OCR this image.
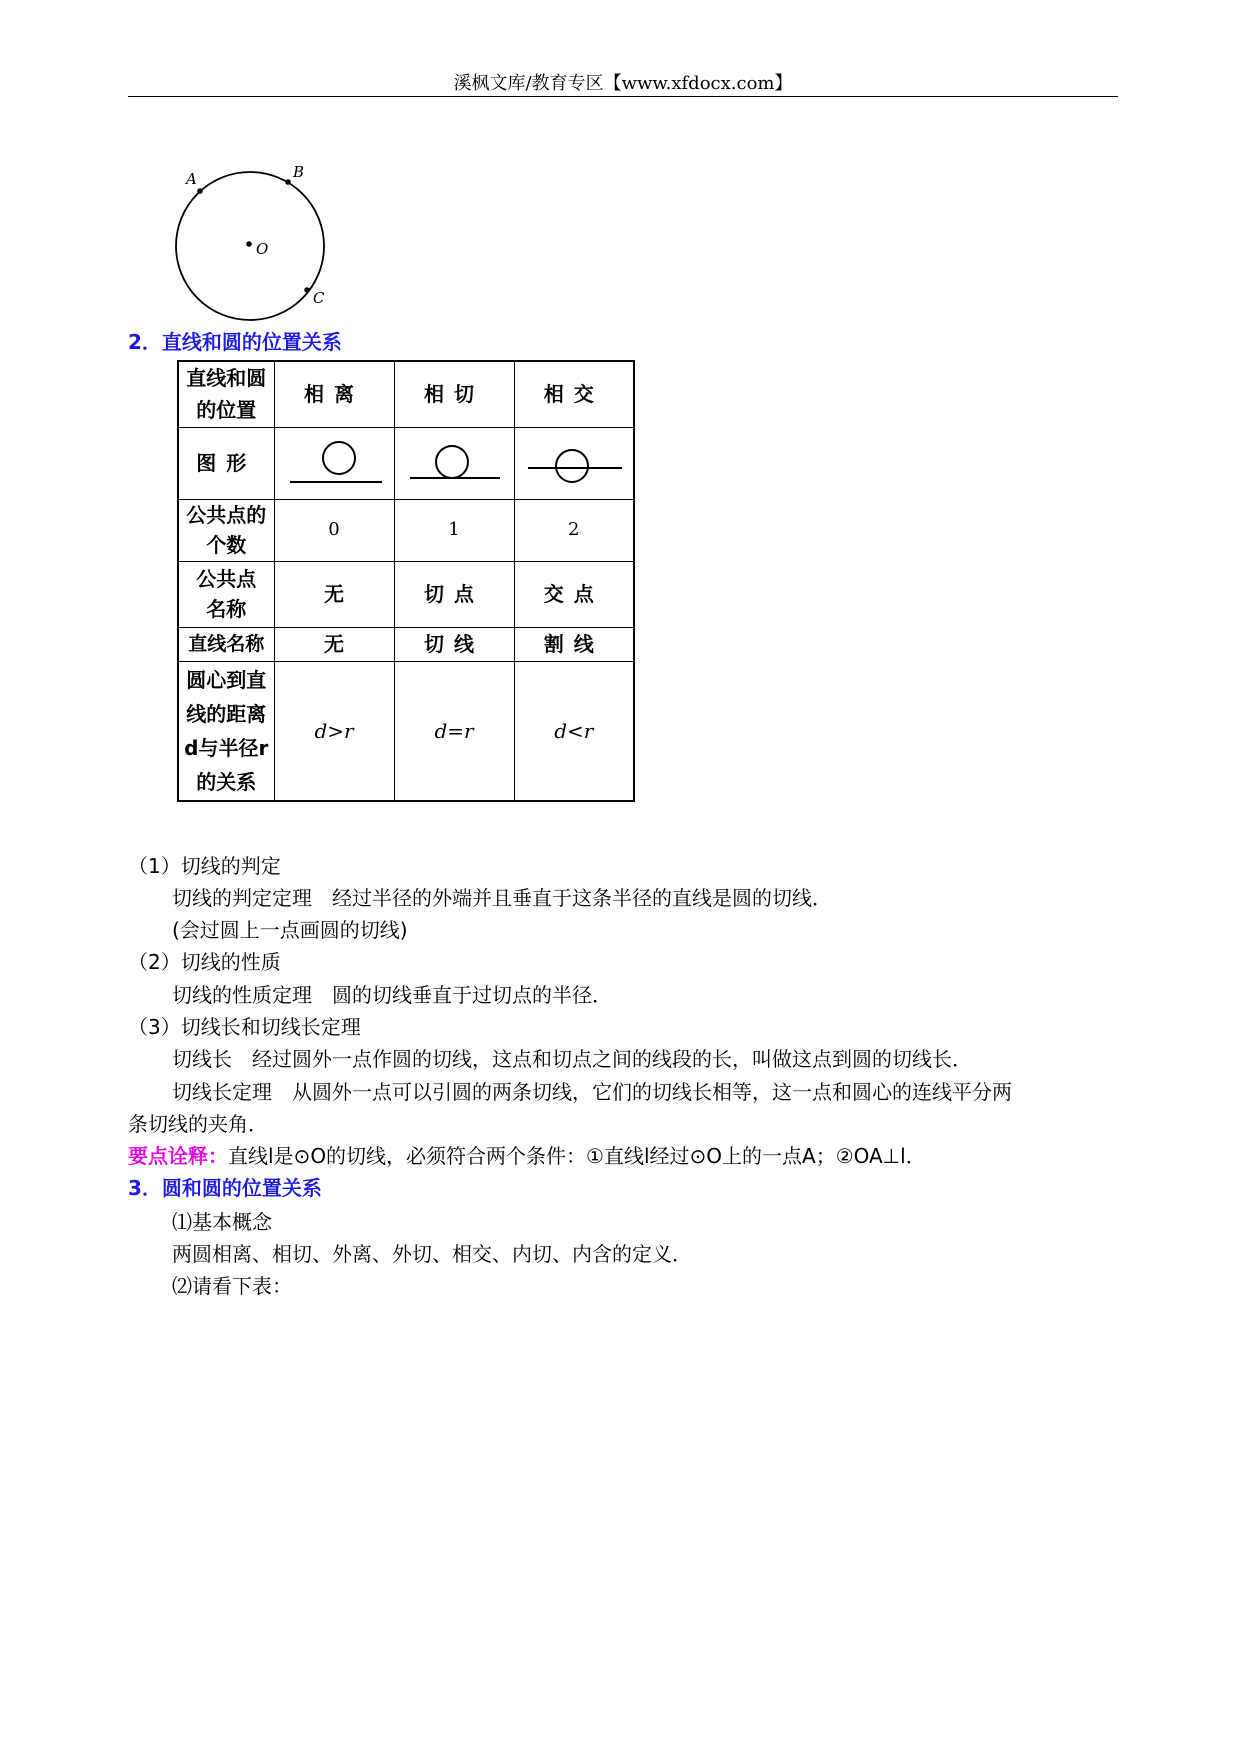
溪枫文库/教育专区【www.xfdocx.com】
A	B
O
C
2．直线和圆的位置关系
直线和圆的位置	相离	相切	相交
图形	

公共点的个数	0	1	2
公共点名称	无	切点	交点
直线名称	无	切线	割线
圆心到直线的距离d与半径r的关系	d>r	d=r	d<r
（1）切线的判定
切线的判定定理　经过半径的外端并且垂直于这条半径的直线是圆的切线．
(会过圆上一点画圆的切线)
（2）切线的性质
切线的性质定理　圆的切线垂直于过切点的半径．
（3）切线长和切线长定理
切线长　经过圆外一点作圆的切线，这点和切点之间的线段的长，叫做这点到圆的切线长．
切线长定理　从圆外一点可以引圆的两条切线，它们的切线长相等，这一点和圆心的连线平分两
条切线的夹角．
要点诠释：直线l是⊙O的切线，必须符合两个条件：①直线l经过⊙O上的一点A；②OA⊥l．
3．圆和圆的位置关系
⑴基本概念
两圆相离、相切、外离、外切、相交、内切、内含的定义．
⑵请看下表：
